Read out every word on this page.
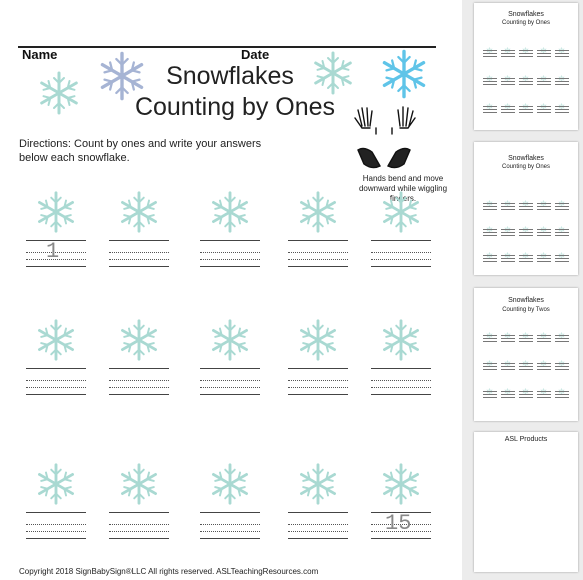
Name	Date
Snowflakes
Counting by Ones
Directions: Count by ones and write your answers below each snowflake.
Hands bend and move downward while wiggling fingers.
1
15
Copyright 2018 SignBabySign®LLC All rights reserved. ASLTeachingResources.com
Snowflakes
Counting by Ones
Snowflakes
Counting by Ones
Snowflakes
Counting by Twos
ASL Products
